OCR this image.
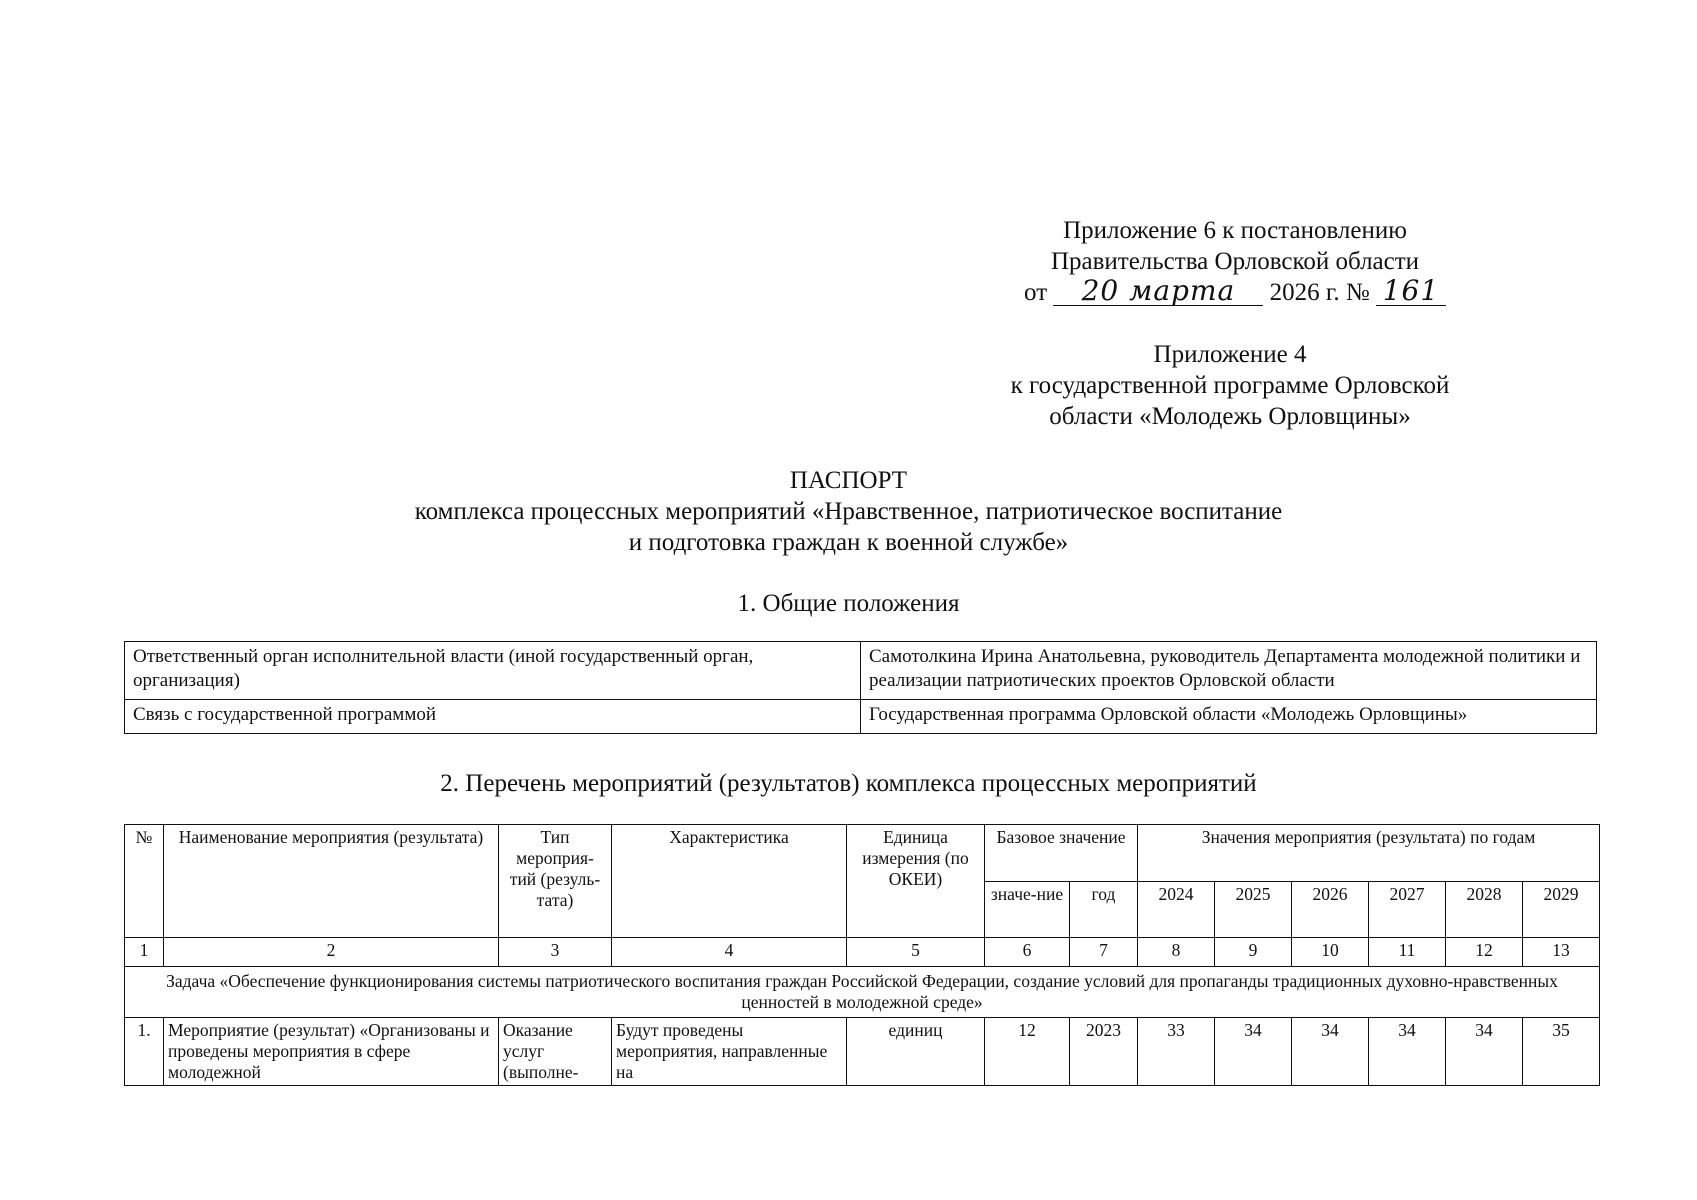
Приложение 6 к постановлению
Правительства Орловской области
от 20 марта 2026 г. № 161
Приложение 4
к государственной программе Орловской
области «Молодежь Орловщины»
ПАСПОРТ
комплекса процессных мероприятий «Нравственное, патриотическое воспитание
и подготовка граждан к военной службе»
1. Общие положения
Ответственный орган исполнительной власти (иной государственный орган, организация)	Самотолкина Ирина Анатольевна, руководитель Департамента молодежной политики и реализации патриотических проектов Орловской области
Связь с государственной программой	Государственная программа Орловской области «Молодежь Орловщины»
2. Перечень мероприятий (результатов) комплекса процессных мероприятий
№	Наименование мероприятия (результата)	Тип мероприя-тий (резуль-тата)	Характеристика	Единица измерения (по ОКЕИ)	Базовое значение		Значения мероприятия (результата) по годам					
					значе-ние	год	2024	2025	2026	2027	2028	2029
1	2	3	4	5	6	7	8	9	10	11	12	13
Задача «Обеспечение функционирования системы патриотического воспитания граждан Российской Федерации, создание условий для пропаганды традиционных духовно-нравственных ценностей в молодежной среде»												
1.	Мероприятие (результат) «Организованы и проведены мероприятия в сфере молодежной	Оказание услуг (выполне-	Будут проведены мероприятия, направленные на	единиц	12	2023	33	34	34	34	34	35
